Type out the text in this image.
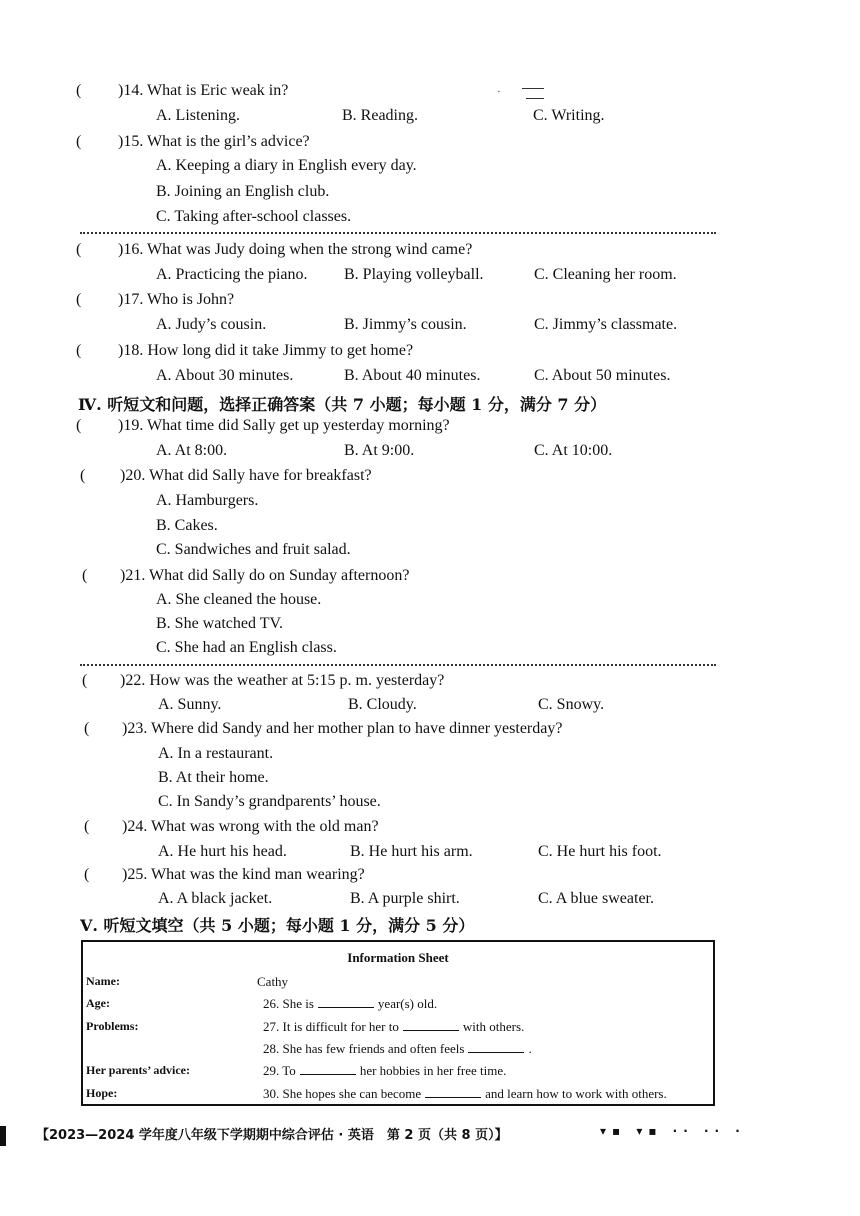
·
( )14. What is Eric weak in?
A. Listening.	B. Reading.	C. Writing.
( )15. What is the girl’s advice?
A. Keeping a diary in English every day.
B. Joining an English club.
C. Taking after-school classes.
( )16. What was Judy doing when the strong wind came?
A. Practicing the piano. B. Playing volleyball.	C. Cleaning her room.
( )17. Who is John?
A. Judy’s cousin.	B. Jimmy’s cousin.	C. Jimmy’s classmate.
( )18. How long did it take Jimmy to get home?
A. About 30 minutes.	B. About 40 minutes.	C. About 50 minutes.
Ⅳ. 听短文和问题，选择正确答案（共 7 小题；每小题 1 分，满分 7 分）
( )19. What time did Sally get up yesterday morning?
A. At 8:00.	B. At 9:00.	C. At 10:00.
( )20. What did Sally have for breakfast?
A. Hamburgers.
B. Cakes.
C. Sandwiches and fruit salad.
( )21. What did Sally do on Sunday afternoon?
A. She cleaned the house.
B. She watched TV.
C. She had an English class.
( )22. How was the weather at 5:15 p. m. yesterday?
A. Sunny.	B. Cloudy.	C. Snowy.
( )23. Where did Sandy and her mother plan to have dinner yesterday?
A. In a restaurant.
B. At their home.
C. In Sandy’s grandparents’ house.
( )24. What was wrong with the old man?
A. He hurt his head.	B. He hurt his arm.	C. He hurt his foot.
( )25. What was the kind man wearing?
A. A black jacket.	B. A purple shirt.	C. A blue sweater.
Ⅴ. 听短文填空（共 5 小题；每小题 1 分，满分 5 分）
Information Sheet
Name:	Cathy
Age:	26. She is	year(s) old.
Problems:	27. It is difficult for her to	with others.
28. She has few friends and often feels	.
Her parents’ advice:	29. To	her hobbies in her free time.
Hope:	30. She hopes she can become	and learn how to work with others.
【2023—2024 学年度八年级下学期期中综合评估 · 英语　第 2 页（共 8 页）】	▾▪ ▾▪ ·· ·· ·
